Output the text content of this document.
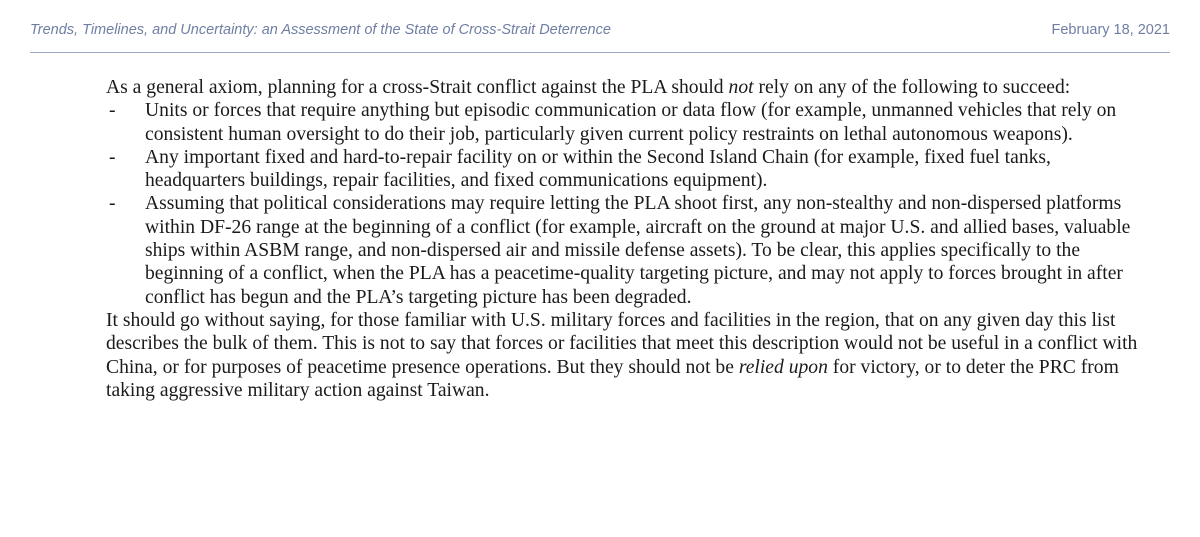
Trends, Timelines, and Uncertainty: an Assessment of the State of Cross-Strait Deterrence	February 18, 2021

As a general axiom, planning for a cross-Strait conflict against the PLA should not rely on any of the following to succeed:

- Units or forces that require anything but episodic communication or data flow (for example, unmanned vehicles that rely on consistent human oversight to do their job, particularly given current policy restraints on lethal autonomous weapons).
- Any important fixed and hard-to-repair facility on or within the Second Island Chain (for example, fixed fuel tanks, headquarters buildings, repair facilities, and fixed communications equipment).
- Assuming that political considerations may require letting the PLA shoot first, any non-stealthy and non-dispersed platforms within DF-26 range at the beginning of a conflict (for example, aircraft on the ground at major U.S. and allied bases, valuable ships within ASBM range, and non-dispersed air and missile defense assets). To be clear, this applies specifically to the beginning of a conflict, when the PLA has a peacetime-quality targeting picture, and may not apply to forces brought in after conflict has begun and the PLA’s targeting picture has been degraded.

It should go without saying, for those familiar with U.S. military forces and facilities in the region, that on any given day this list describes the bulk of them. This is not to say that forces or facilities that meet this description would not be useful in a conflict with China, or for purposes of peacetime presence operations. But they should not be relied upon for victory, or to deter the PRC from taking aggressive military action against Taiwan.
